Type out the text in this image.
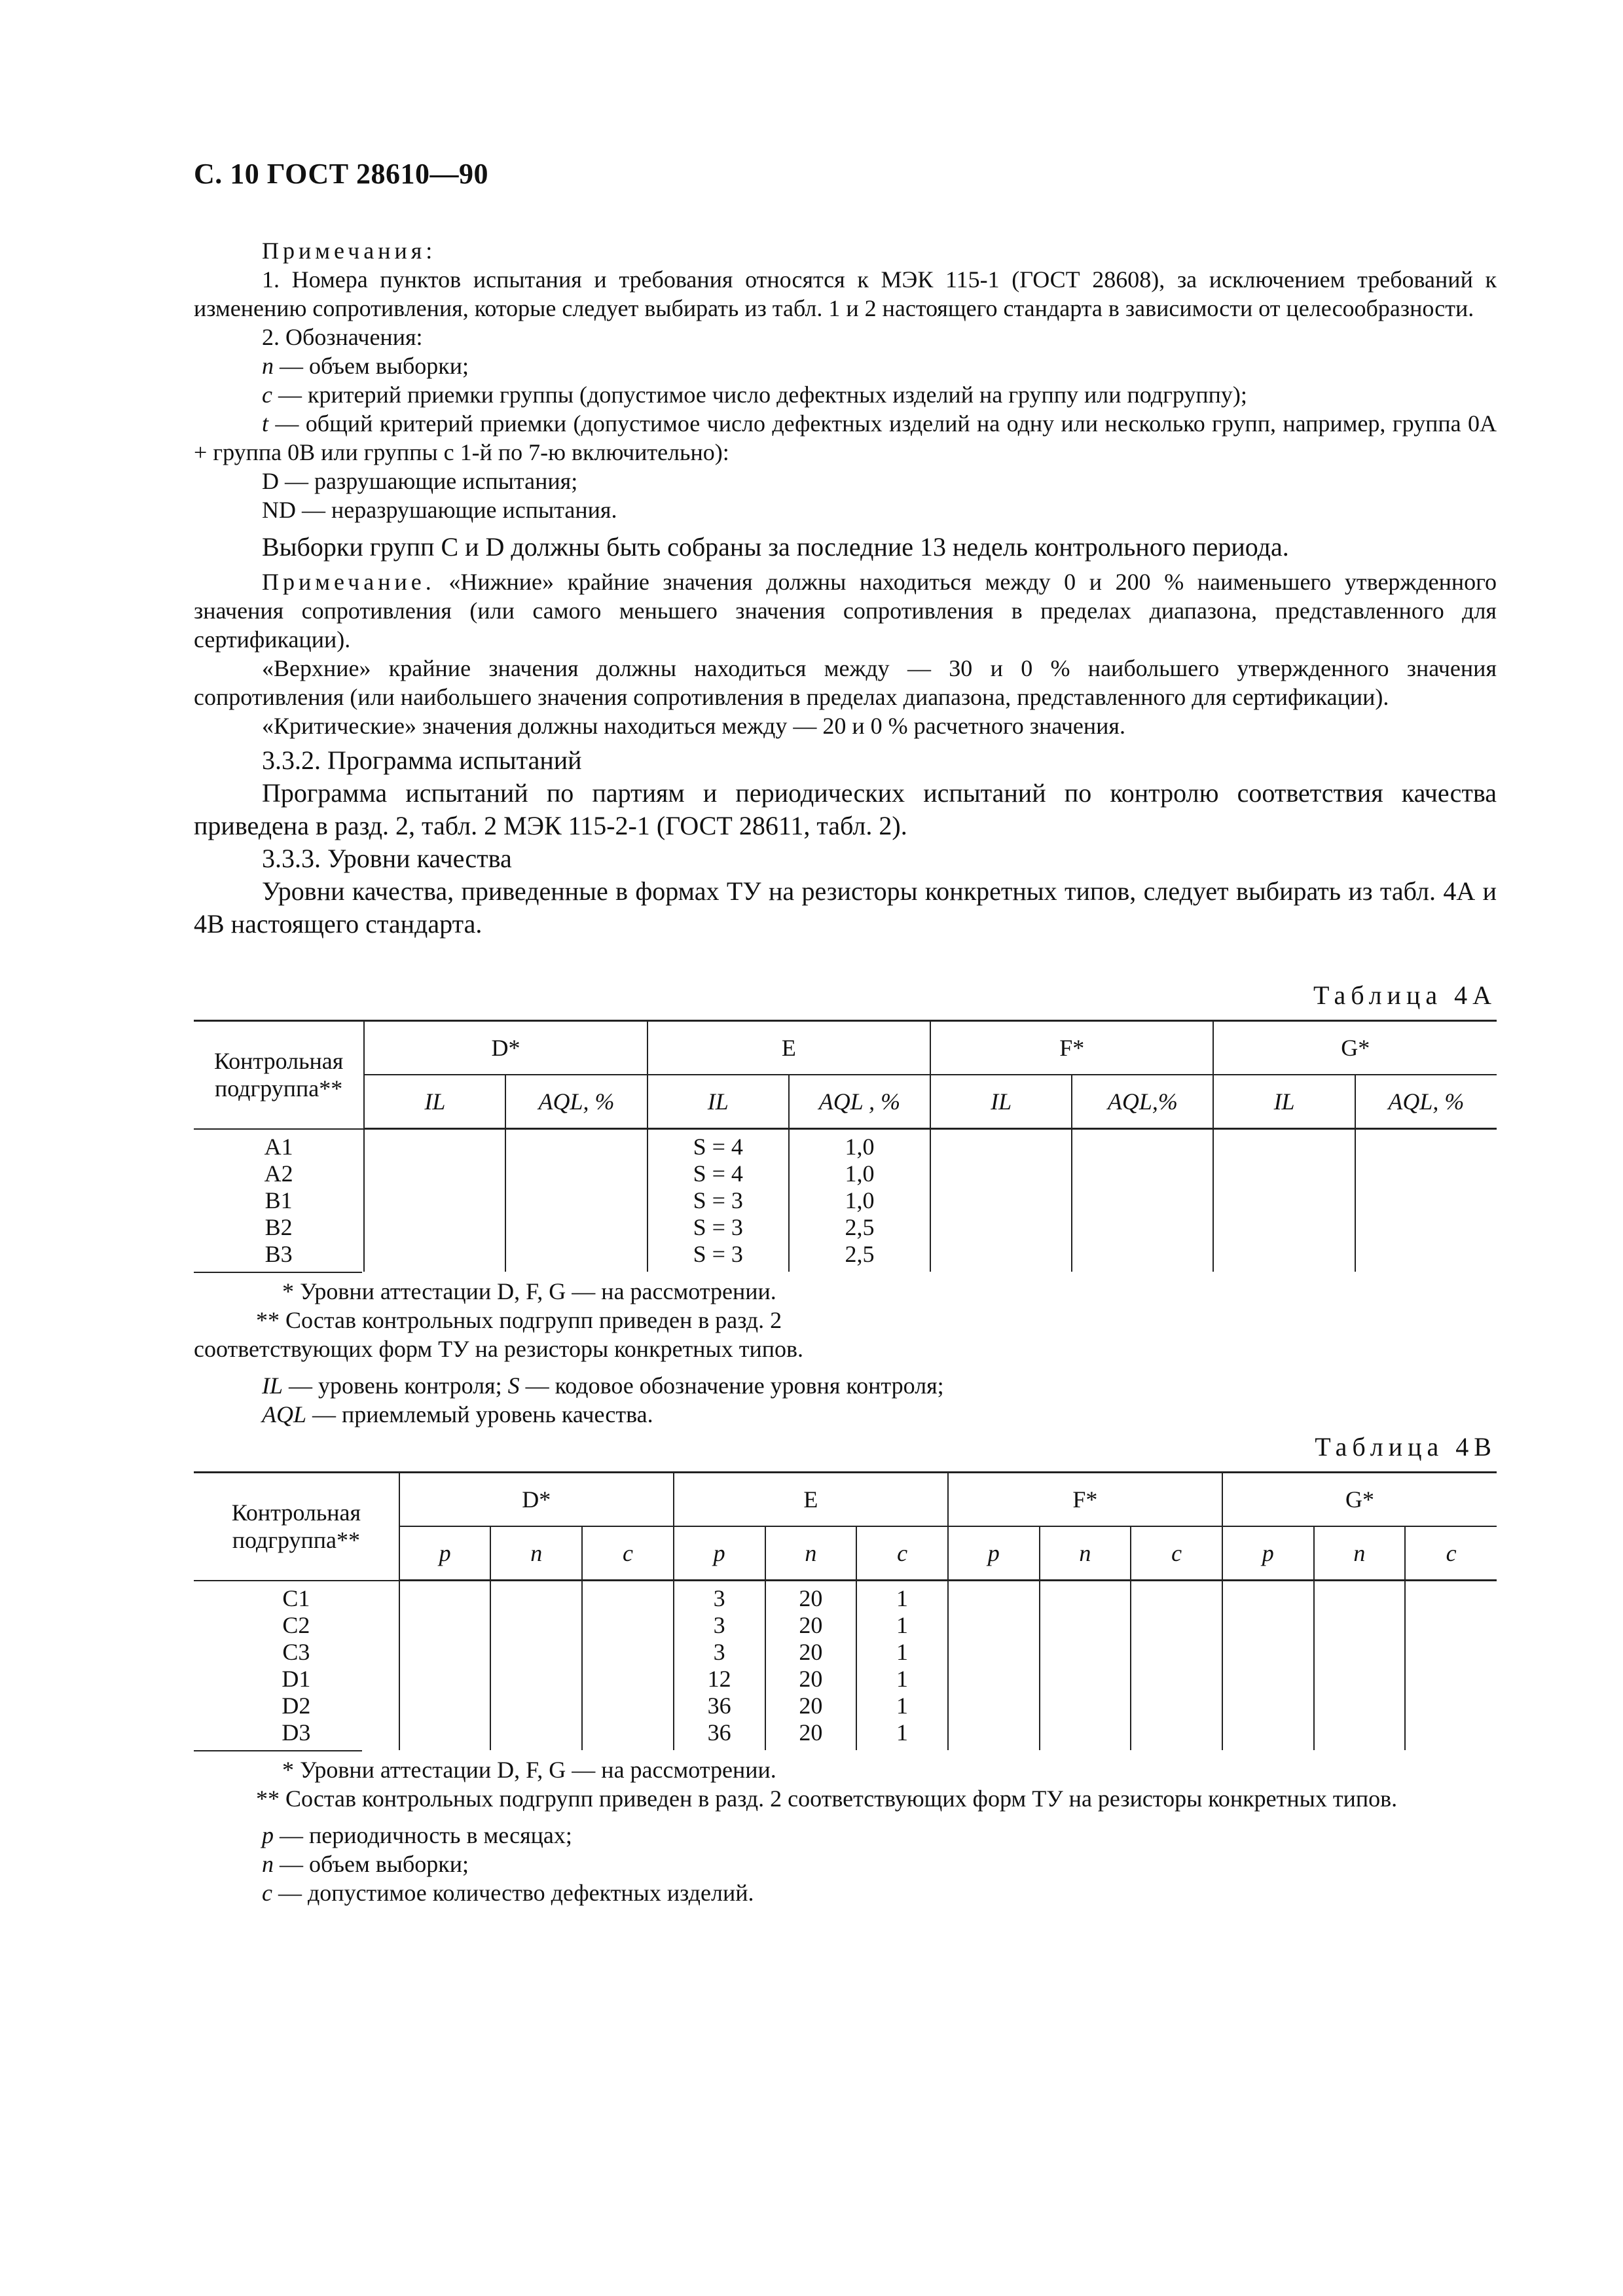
С. 10 ГОСТ 28610—90

Примечания:

1. Номера пунктов испытания и требования относятся к МЭК 115-1 (ГОСТ 28608), за исключением требований к изменению сопротивления, которые следует выбирать из табл. 1 и 2 настоящего стандарта в зависимости от целесообразности.

2. Обозначения:

n — объем выборки;

c — критерий приемки группы (допустимое число дефектных изделий на группу или подгруппу);

t — общий критерий приемки (допустимое число дефектных изделий на одну или несколько групп, например, группа 0А + группа 0В или группы с 1-й по 7-ю включительно):

D — разрушающие испытания;

ND — неразрушающие испытания.

Выборки групп C и D должны быть собраны за последние 13 недель контрольного периода.

Примечание. «Нижние» крайние значения должны находиться между 0 и 200 % наименьшего утвержденного значения сопротивления (или самого меньшего значения сопротивления в пределах диапазона, представленного для сертификации).

«Верхние» крайние значения должны находиться между — 30 и 0 % наибольшего утвержденного значения сопротивления (или наибольшего значения сопротивления в пределах диапазона, представленного для сертификации).

«Критические» значения должны находиться между — 20 и 0 % расчетного значения.

3.3.2. Программа испытаний

Программа испытаний по партиям и периодических испытаний по контролю соответствия качества приведена в разд. 2, табл. 2 МЭК 115-2-1 (ГОСТ 28611, табл. 2).

3.3.3. Уровни качества

Уровни качества, приведенные в формах ТУ на резисторы конкретных типов, следует выбирать из табл. 4А и 4В настоящего стандарта.

Таблица 4А
Контрольная подгруппа**	D*		E		F*		G*	
	IL	AQL, %	IL	AQL , %	IL	AQL,%	IL	AQL, %
A1			S = 4	1,0				
A2			S = 4	1,0				
B1			S = 3	1,0				
B2			S = 3	2,5				
B3			S = 3	2,5				

* Уровни аттестации D, F, G — на рассмотрении.

** Состав контрольных подгрупп приведен в разд. 2

соответствующих форм ТУ на резисторы конкретных типов.

IL — уровень контроля; S — кодовое обозначение уровня контроля;

AQL — приемлемый уровень качества.

Таблица 4В
Контрольная подгруппа**	D*			E			F*			G*		
	p	n	c	p	n	c	p	n	c	p	n	c
C1				3	20	1						
C2				3	20	1						
C3				3	20	1						
D1				12	20	1						
D2				36	20	1						
D3				36	20	1						

* Уровни аттестации D, F, G — на рассмотрении.

** Состав контрольных подгрупп приведен в разд. 2 соответствующих форм ТУ на резисторы конкретных типов.

p — периодичность в месяцах;

n — объем выборки;

c — допустимое количество дефектных изделий.
